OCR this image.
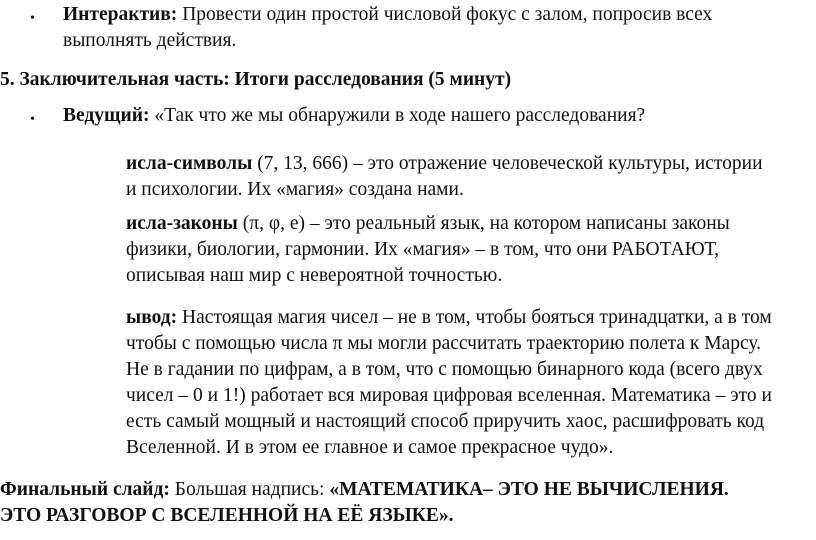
• Интерактив: Провести один простой числовой фокус с залом, попросив всех
выполнять действия.
5. Заключительная часть: Итоги расследования (5 минут)
• Ведущий: «Так что же мы обнаружили в ходе нашего расследования?
исла-символы (7, 13, 666) – это отражение человеческой культуры, истории
и психологии. Их «магия» создана нами.
исла-законы (π, φ, e) – это реальный язык, на котором написаны законы
физики, биологии, гармонии. Их «магия» – в том, что они РАБОТАЮТ,
описывая наш мир с невероятной точностью.
ывод: Настоящая магия чисел – не в том, чтобы бояться тринадцатки, а в том
чтобы с помощью числа π мы могли рассчитать траекторию полета к Марсу.
Не в гадании по цифрам, а в том, что с помощью бинарного кода (всего двух
чисел – 0 и 1!) работает вся мировая цифровая вселенная. Математика – это и
есть самый мощный и настоящий способ приручить хаос, расшифровать код
Вселенной. И в этом ее главное и самое прекрасное чудо».
Финальный слайд: Большая надпись: «МАТЕМАТИКА– ЭТО НЕ ВЫЧИСЛЕНИЯ.
ЭТО РАЗГОВОР С ВСЕЛЕННОЙ НА ЕЁ ЯЗЫКЕ».
